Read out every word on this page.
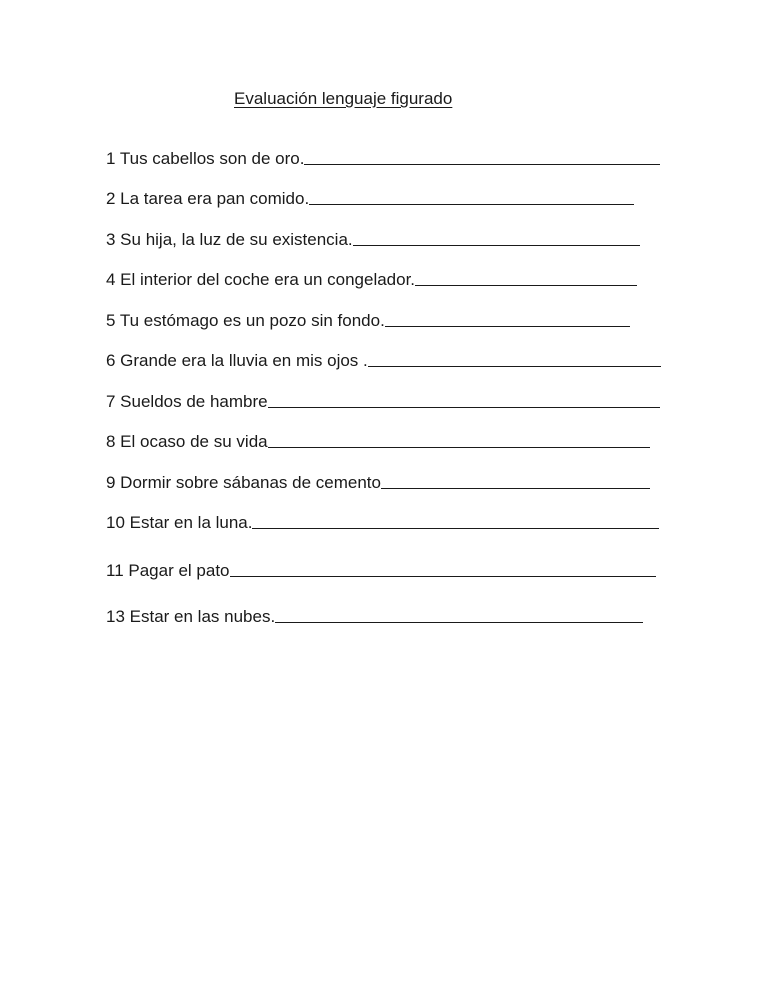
Evaluación lenguaje figurado
1 Tus cabellos son de oro.
2 La tarea era pan comido.
3 Su hija, la luz de su existencia.
4 El interior del coche era un congelador.
5 Tu estómago es un pozo sin fondo.
6 Grande era la lluvia en mis ojos .
7 Sueldos de hambre
8 El ocaso de su vida
9 Dormir sobre sábanas de cemento
10 Estar en la luna.
11 Pagar el pato
13 Estar en las nubes.
